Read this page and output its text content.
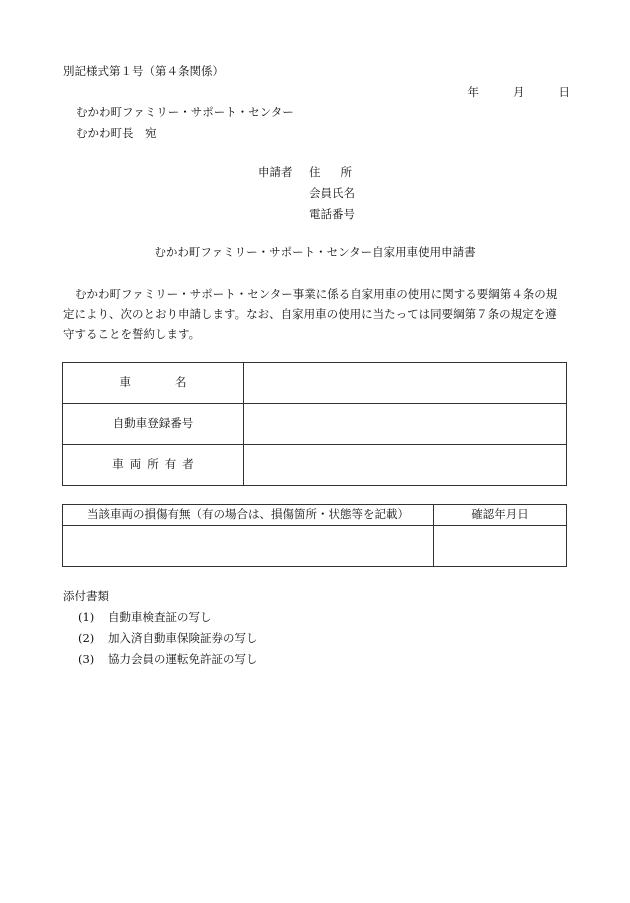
別記様式第１号（第４条関係）
年	月	日
むかわ町ファミリー・サポート・センター
むかわ町長　宛
申請者 住所
会員氏名
電話番号
むかわ町ファミリー・サポート・センター自家用車使用申請書
むかわ町ファミリー・サポート・センター事業に係る自家用車の使用に関する要綱第４条の規定により、次のとおり申請します。なお、自家用車の使用に当たっては同要綱第７条の規定を遵守することを誓約します。
車名	
自動車登録番号	
車両所有者	
当該車両の損傷有無（有の場合は、損傷箇所・状態等を記載）	確認年月日

添付書類
(1)	自動車検査証の写し
(2)	加入済自動車保険証券の写し
(3)	協力会員の運転免許証の写し
